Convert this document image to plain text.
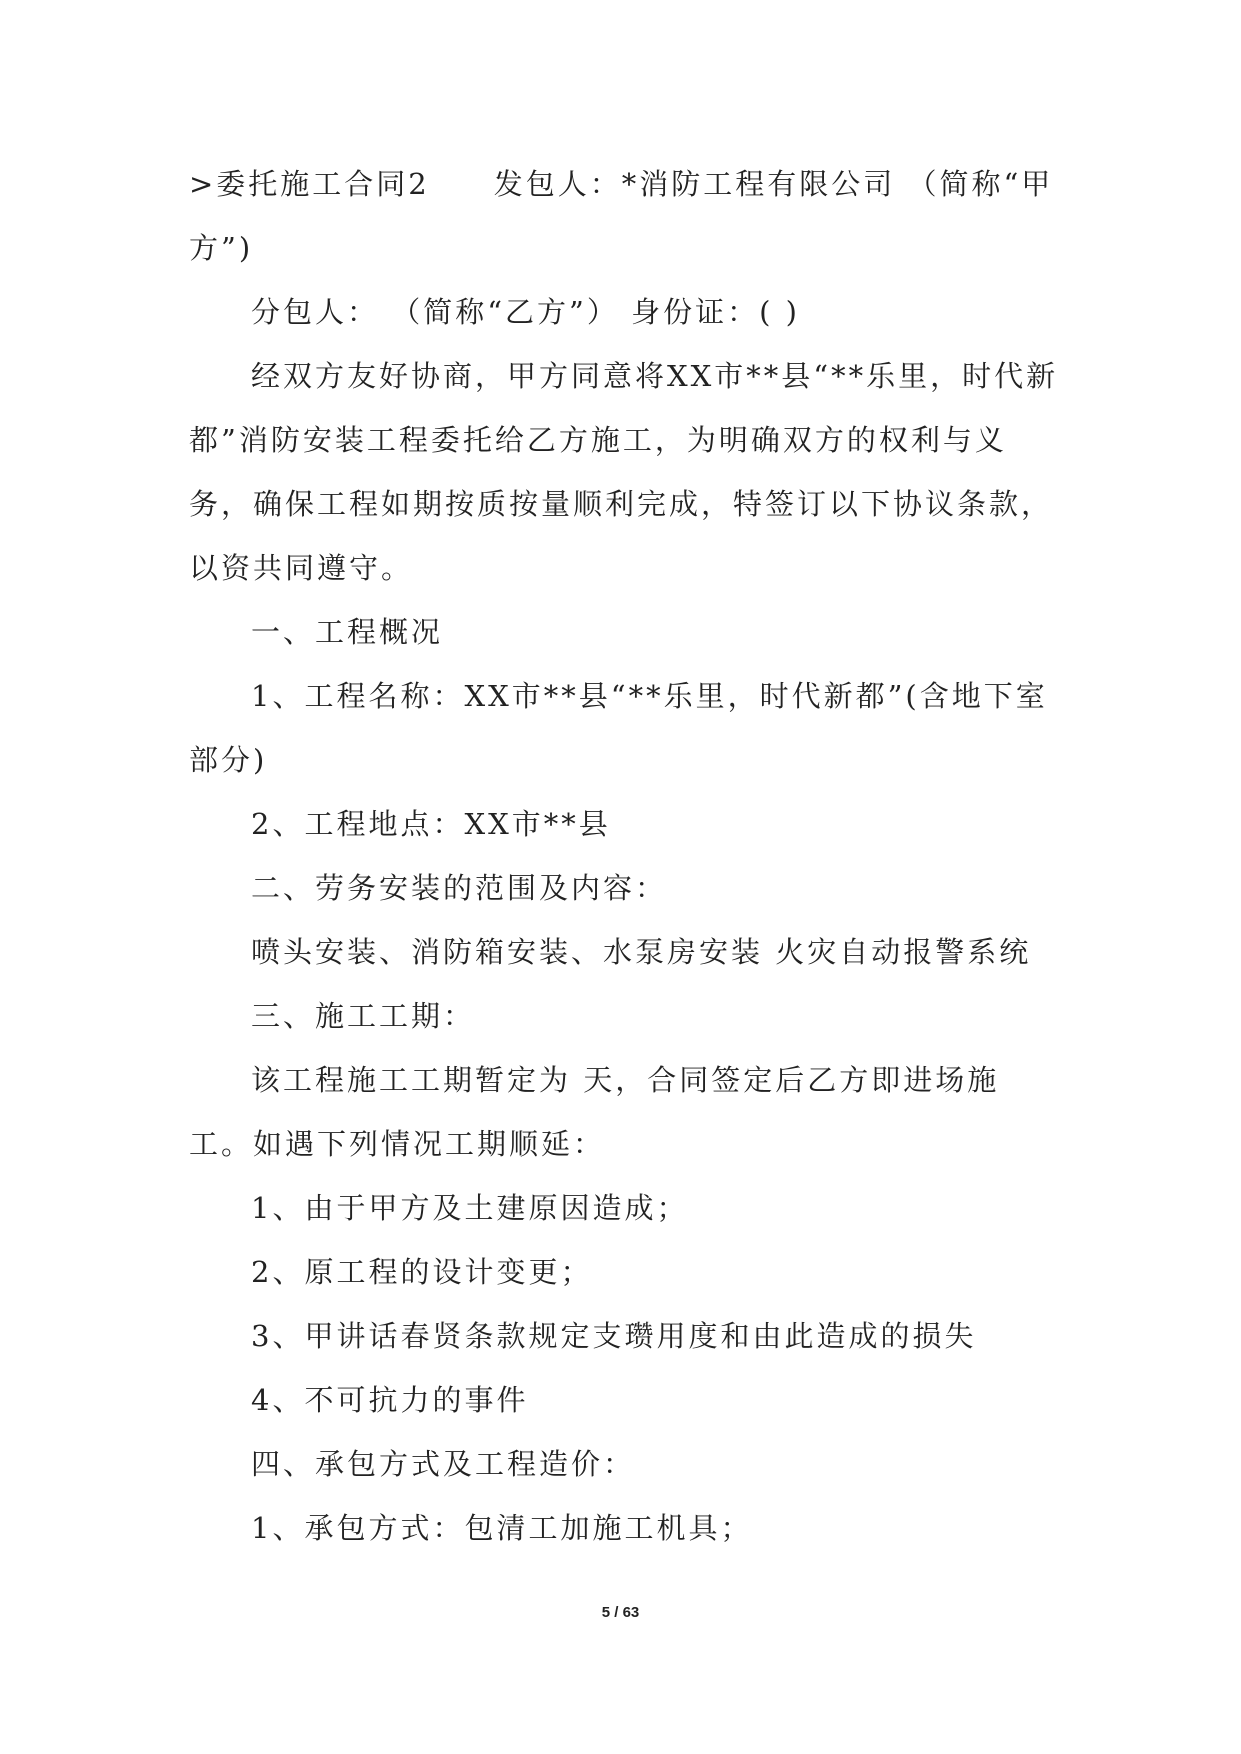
>委托施工合同2　　发包人：*消防工程有限公司 （简称“甲方”)

分包人： （简称“乙方”） 身份证：( )

经双方友好协商，甲方同意将XX市**县“**乐里，时代新都”消防安装工程委托给乙方施工，为明确双方的权利与义务，确保工程如期按质按量顺利完成，特签订以下协议条款，以资共同遵守。

一、工程概况

1、工程名称：XX市**县“**乐里，时代新都”(含地下室部分)

2、工程地点：XX市**县

二、劳务安装的范围及内容：

喷头安装、消防箱安装、水泵房安装 火灾自动报警系统

三、施工工期：

该工程施工工期暂定为 天，合同签定后乙方即进场施工。如遇下列情况工期顺延：

1、由于甲方及土建原因造成；

2、原工程的设计变更；

3、甲讲话春贤条款规定支瓒用度和由此造成的损失

4、不可抗力的事件

四、承包方式及工程造价：

1、承包方式：包清工加施工机具；

5 / 63
